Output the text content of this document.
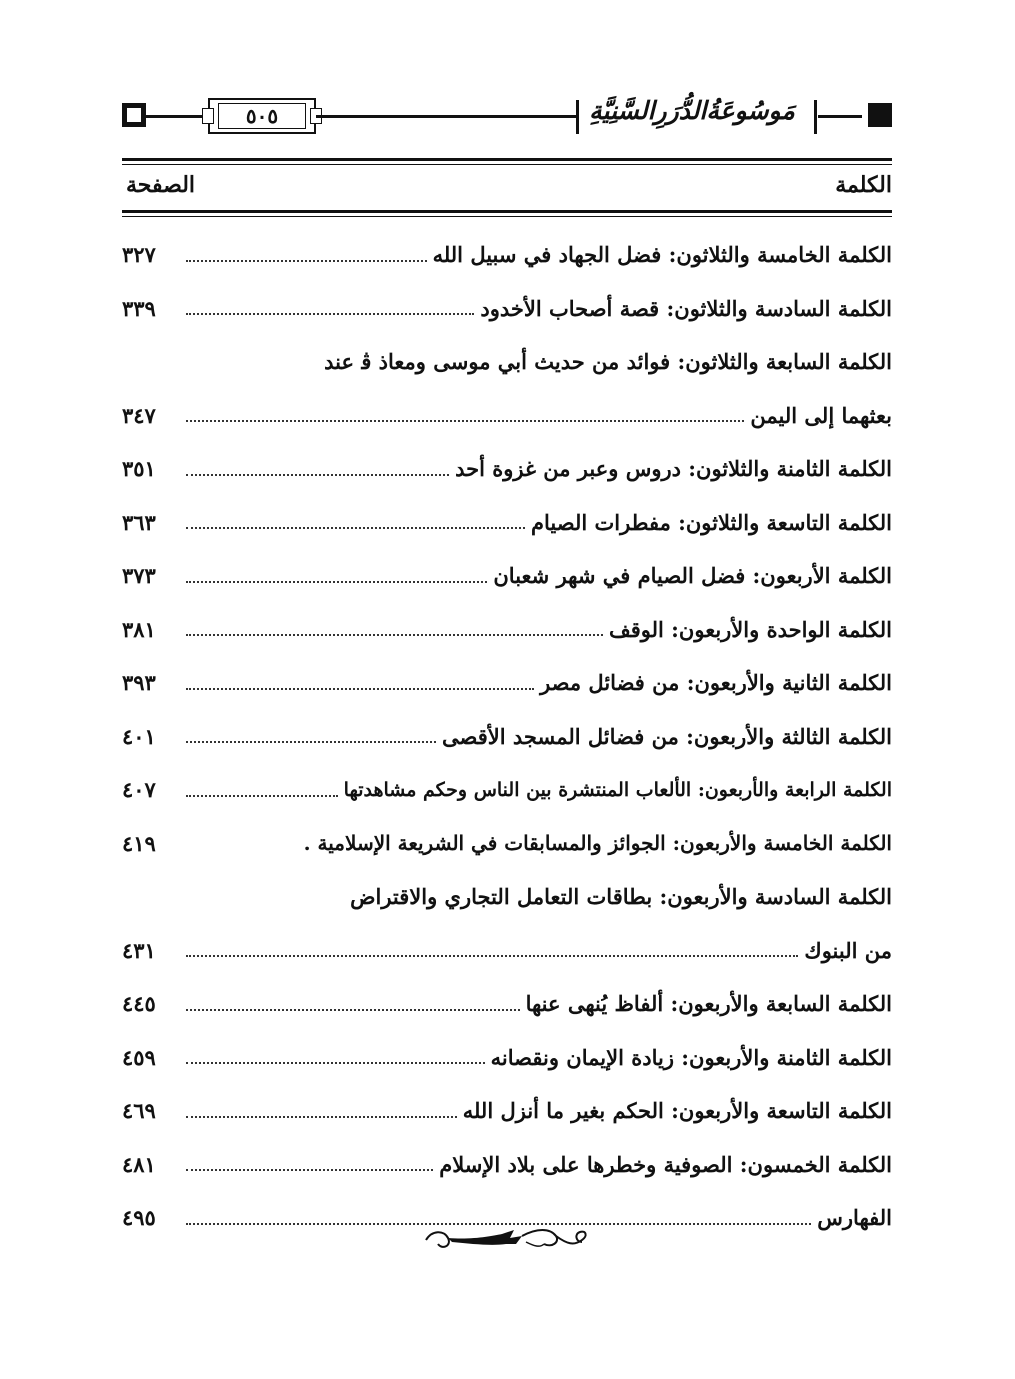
٥٠٥	مَوسُوعَةُالدُّرَرِالسَّنِيَّةِ
الكلمة
الصفحة
الكلمة الخامسة والثلاثون: فضل الجهاد في سبيل الله
٣٢٧
الكلمة السادسة والثلاثون: قصة أصحاب الأخدود
٣٣٩
الكلمة السابعة والثلاثون: فوائد من حديث أبي موسى ومعاذ ﭬ عند
بعثهما إلى اليمن
٣٤٧
الكلمة الثامنة والثلاثون: دروس وعبر من غزوة أحد
٣٥١
الكلمة التاسعة والثلاثون: مفطرات الصيام
٣٦٣
الكلمة الأربعون: فضل الصيام في شهر شعبان
٣٧٣
الكلمة الواحدة والأربعون: الوقف
٣٨١
الكلمة الثانية والأربعون: من فضائل مصر
٣٩٣
الكلمة الثالثة والأربعون: من فضائل المسجد الأقصى
٤٠١
الكلمة الرابعة والأربعون: الألعاب المنتشرة بين الناس وحكم مشاهدتها
٤٠٧
الكلمة الخامسة والأربعون: الجوائز والمسابقات في الشريعة الإسلامية .
٤١٩
الكلمة السادسة والأربعون: بطاقات التعامل التجاري والاقتراض
من البنوك
٤٣١
الكلمة السابعة والأربعون: ألفاظ يُنهى عنها
٤٤٥
الكلمة الثامنة والأربعون: زيادة الإيمان ونقصانه
٤٥٩
الكلمة التاسعة والأربعون: الحكم بغير ما أنزل الله
٤٦٩
الكلمة الخمسون: الصوفية وخطرها على بلاد الإسلام
٤٨١
الفهارس
٤٩٥
